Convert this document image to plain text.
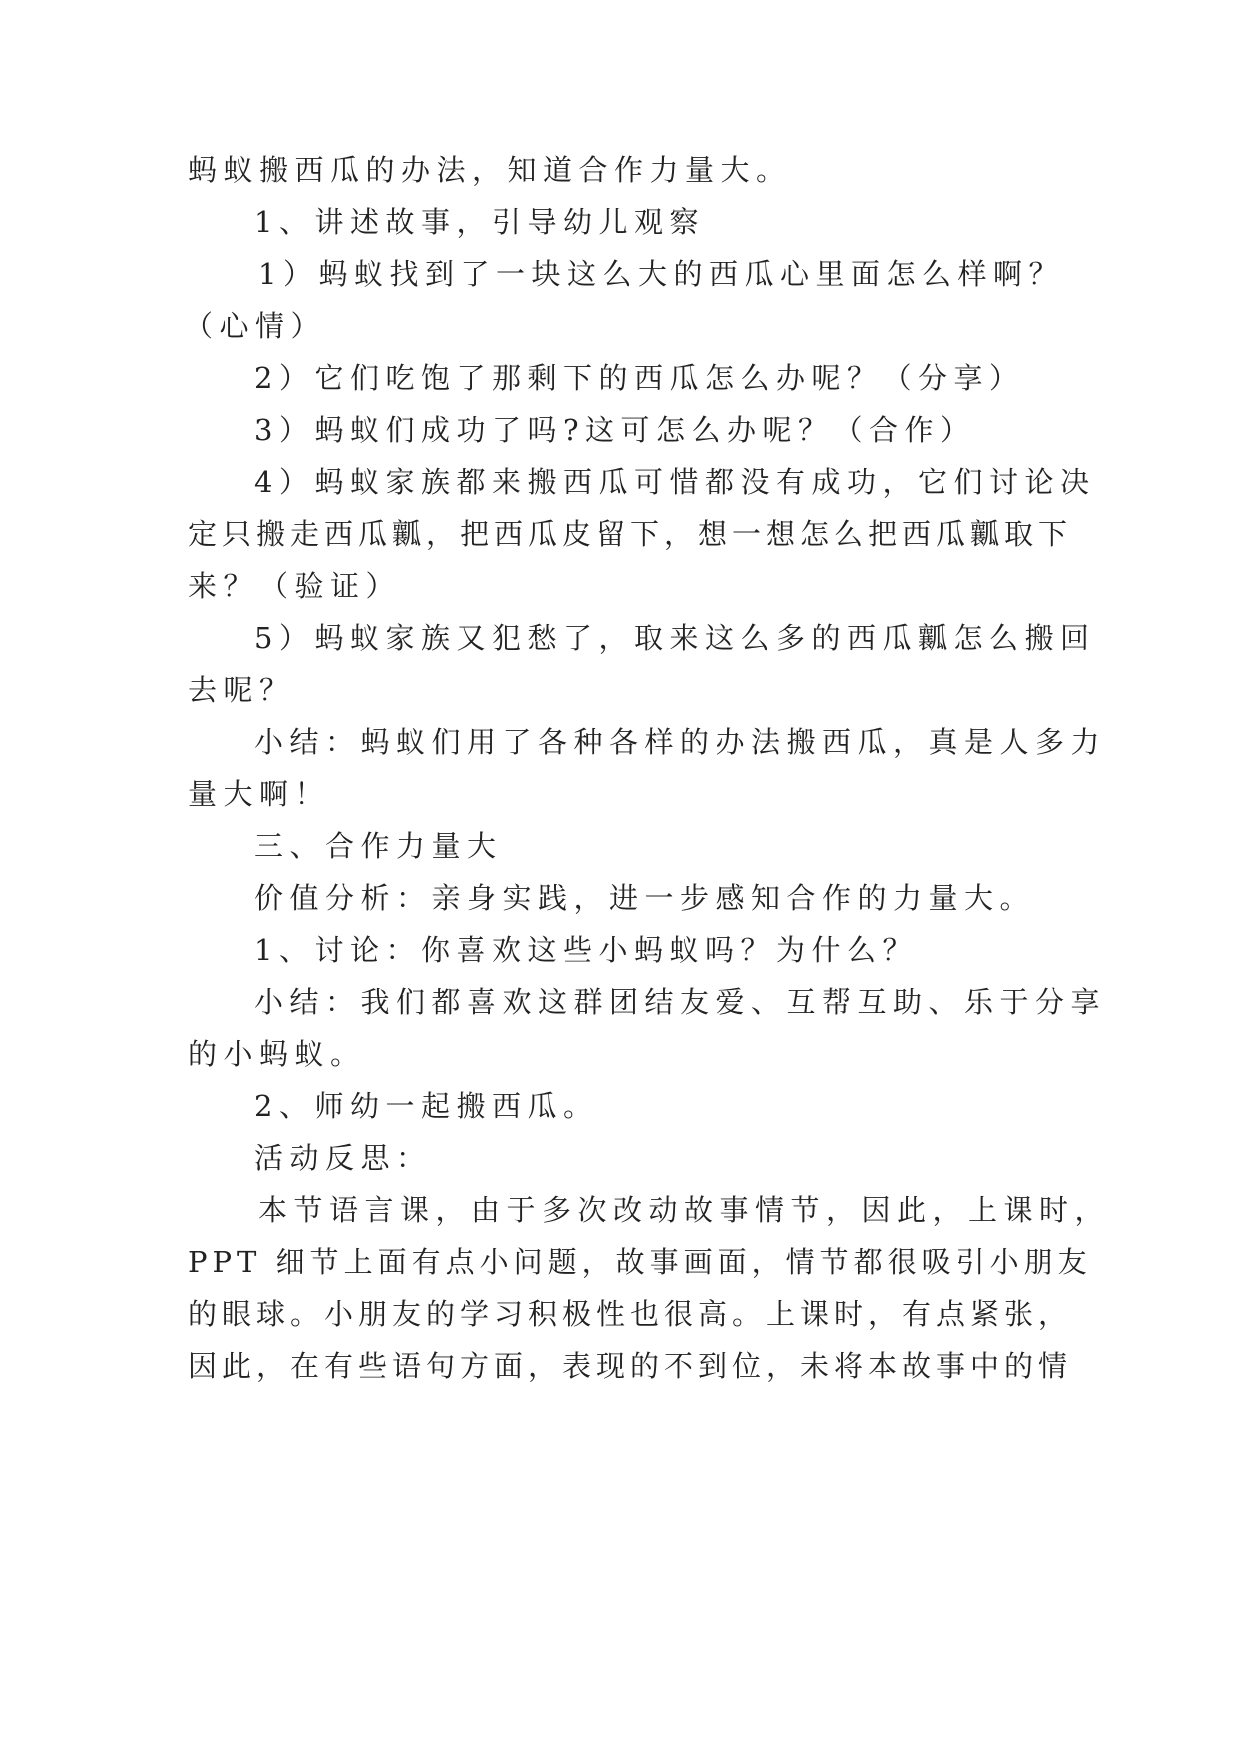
蚂蚁搬西瓜的办法，知道合作力量大。
1、讲述故事，引导幼儿观察
1）蚂蚁找到了一块这么大的西瓜心里面怎么样啊？
（心情）
2）它们吃饱了那剩下的西瓜怎么办呢？（分享）
3）蚂蚁们成功了吗?这可怎么办呢？（合作）
4）蚂蚁家族都来搬西瓜可惜都没有成功，它们讨论决
定只搬走西瓜瓤，把西瓜皮留下，想一想怎么把西瓜瓤取下
来？（验证）
5）蚂蚁家族又犯愁了，取来这么多的西瓜瓤怎么搬回
去呢？
小结：蚂蚁们用了各种各样的办法搬西瓜，真是人多力
量大啊！
三、合作力量大
价值分析：亲身实践，进一步感知合作的力量大。
1、讨论：你喜欢这些小蚂蚁吗？为什么？
小结：我们都喜欢这群团结友爱、互帮互助、乐于分享
的小蚂蚁。
2、师幼一起搬西瓜。
活动反思：
本节语言课，由于多次改动故事情节，因此，上课时，
PPT 细节上面有点小问题，故事画面，情节都很吸引小朋友
的眼球。小朋友的学习积极性也很高。上课时，有点紧张，
因此，在有些语句方面，表现的不到位，未将本故事中的情
